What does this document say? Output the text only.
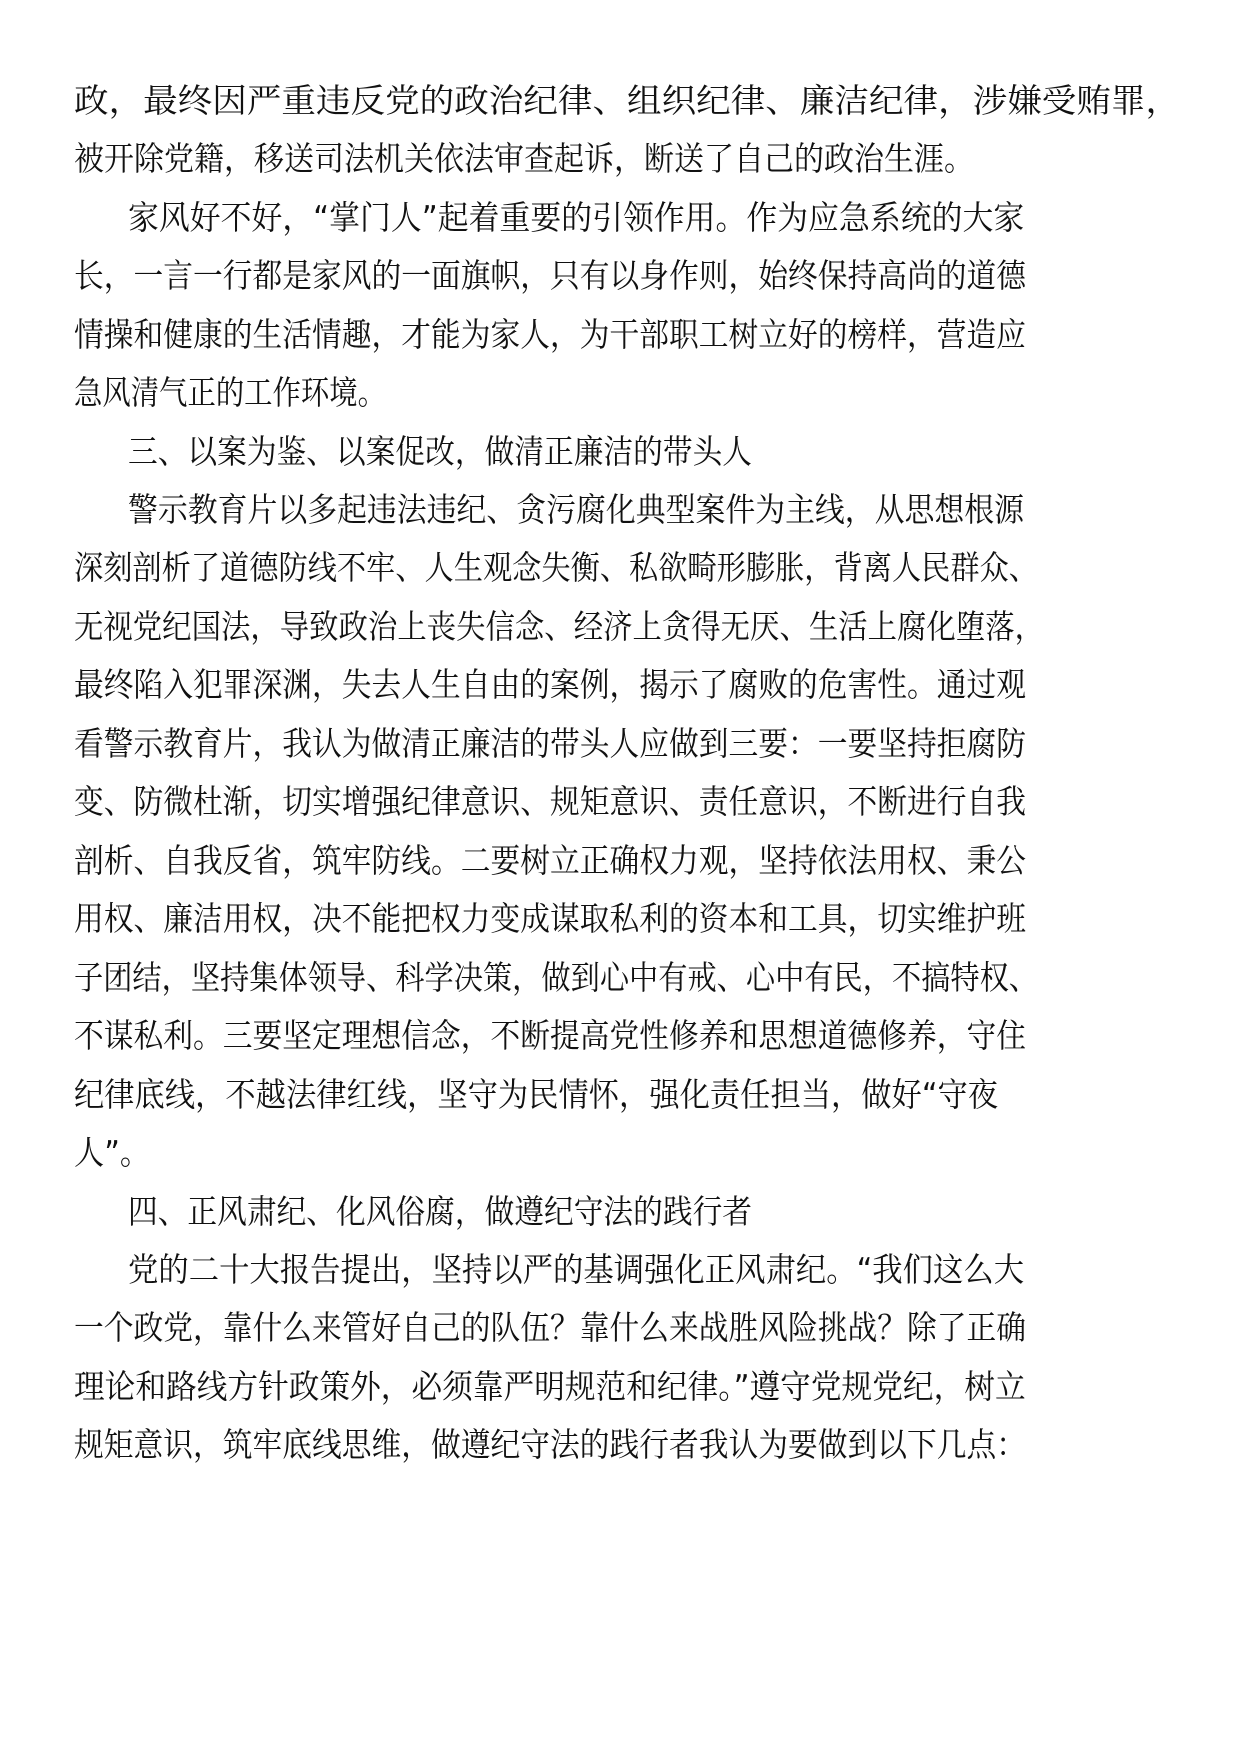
政，最终因严重违反党的政治纪律、组织纪律、廉洁纪律，涉嫌受贿罪，

被开除党籍，移送司法机关依法审查起诉，断送了自己的政治生涯。

家风好不好，“掌门人”起着重要的引领作用。作为应急系统的大家

长，一言一行都是家风的一面旗帜，只有以身作则，始终保持高尚的道德

情操和健康的生活情趣，才能为家人，为干部职工树立好的榜样，营造应

急风清气正的工作环境。

三、以案为鉴、以案促改，做清正廉洁的带头人

警示教育片以多起违法违纪、贪污腐化典型案件为主线，从思想根源

深刻剖析了道德防线不牢、人生观念失衡、私欲畸形膨胀，背离人民群众、

无视党纪国法，导致政治上丧失信念、经济上贪得无厌、生活上腐化堕落，

最终陷入犯罪深渊，失去人生自由的案例，揭示了腐败的危害性。通过观

看警示教育片，我认为做清正廉洁的带头人应做到三要：一要坚持拒腐防

变、防微杜渐，切实增强纪律意识、规矩意识、责任意识，不断进行自我

剖析、自我反省，筑牢防线。二要树立正确权力观，坚持依法用权、秉公

用权、廉洁用权，决不能把权力变成谋取私利的资本和工具，切实维护班

子团结，坚持集体领导、科学决策，做到心中有戒、心中有民，不搞特权、

不谋私利。三要坚定理想信念，不断提高党性修养和思想道德修养，守住

纪律底线，不越法律红线，坚守为民情怀，强化责任担当，做好“守夜

人”。

四、正风肃纪、化风俗腐，做遵纪守法的践行者

党的二十大报告提出，坚持以严的基调强化正风肃纪。“我们这么大

一个政党，靠什么来管好自己的队伍？靠什么来战胜风险挑战？除了正确

理论和路线方针政策外，必须靠严明规范和纪律。”遵守党规党纪，树立

规矩意识，筑牢底线思维，做遵纪守法的践行者我认为要做到以下几点：
